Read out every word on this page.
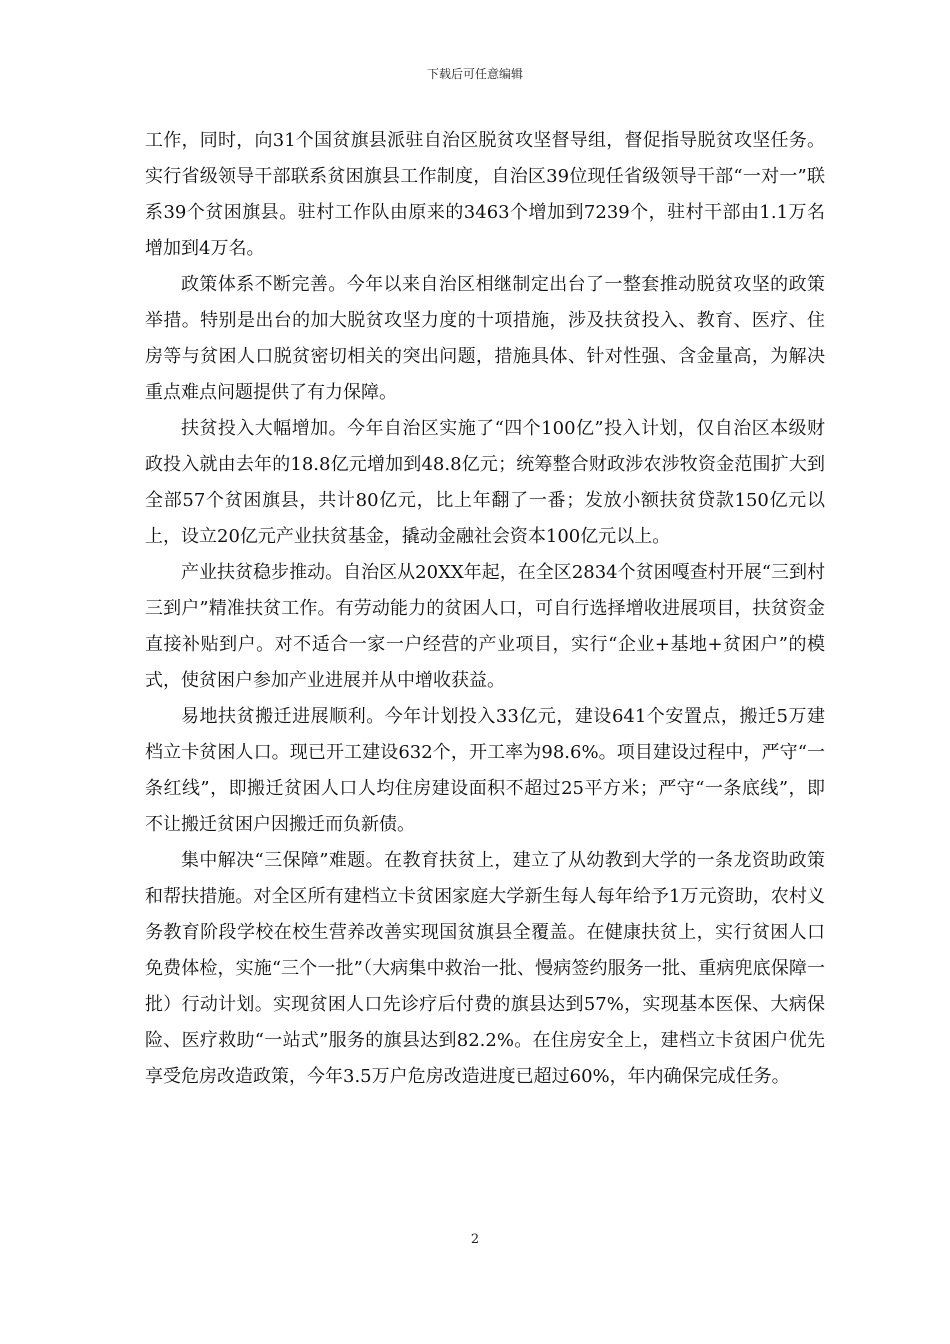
下载后可任意编辑

工作，同时，向31个国贫旗县派驻自治区脱贫攻坚督导组，督促指导脱贫攻坚任务。实行省级领导干部联系贫困旗县工作制度，自治区39位现任省级领导干部“一对一”联系39个贫困旗县。驻村工作队由原来的3463个增加到7239个，驻村干部由1.1万名增加到4万名。

政策体系不断完善。今年以来自治区相继制定出台了一整套推动脱贫攻坚的政策举措。特别是出台的加大脱贫攻坚力度的十项措施，涉及扶贫投入、教育、医疗、住房等与贫困人口脱贫密切相关的突出问题，措施具体、针对性强、含金量高，为解决重点难点问题提供了有力保障。

扶贫投入大幅增加。今年自治区实施了“四个100亿”投入计划，仅自治区本级财政投入就由去年的18.8亿元增加到48.8亿元；统筹整合财政涉农涉牧资金范围扩大到全部57个贫困旗县，共计80亿元，比上年翻了一番；发放小额扶贫贷款150亿元以上，设立20亿元产业扶贫基金，撬动金融社会资本100亿元以上。

产业扶贫稳步推动。自治区从20XX年起，在全区2834个贫困嘎查村开展“三到村三到户”精准扶贫工作。有劳动能力的贫困人口，可自行选择增收进展项目，扶贫资金直接补贴到户。对不适合一家一户经营的产业项目，实行“企业+基地+贫困户”的模式，使贫困户参加产业进展并从中增收获益。

易地扶贫搬迁进展顺利。今年计划投入33亿元，建设641个安置点，搬迁5万建档立卡贫困人口。现已开工建设632个，开工率为98.6%。项目建设过程中，严守“一条红线”，即搬迁贫困人口人均住房建设面积不超过25平方米；严守“一条底线”，即不让搬迁贫困户因搬迁而负新债。

集中解决“三保障”难题。在教育扶贫上，建立了从幼教到大学的一条龙资助政策和帮扶措施。对全区所有建档立卡贫困家庭大学新生每人每年给予1万元资助，农村义务教育阶段学校在校生营养改善实现国贫旗县全覆盖。在健康扶贫上，实行贫困人口免费体检，实施“三个一批”（大病集中救治一批、慢病签约服务一批、重病兜底保障一批）行动计划。实现贫困人口先诊疗后付费的旗县达到57%，实现基本医保、大病保险、医疗救助“一站式”服务的旗县达到82.2%。在住房安全上，建档立卡贫困户优先享受危房改造政策，今年3.5万户危房改造进度已超过60%，年内确保完成任务。

2
